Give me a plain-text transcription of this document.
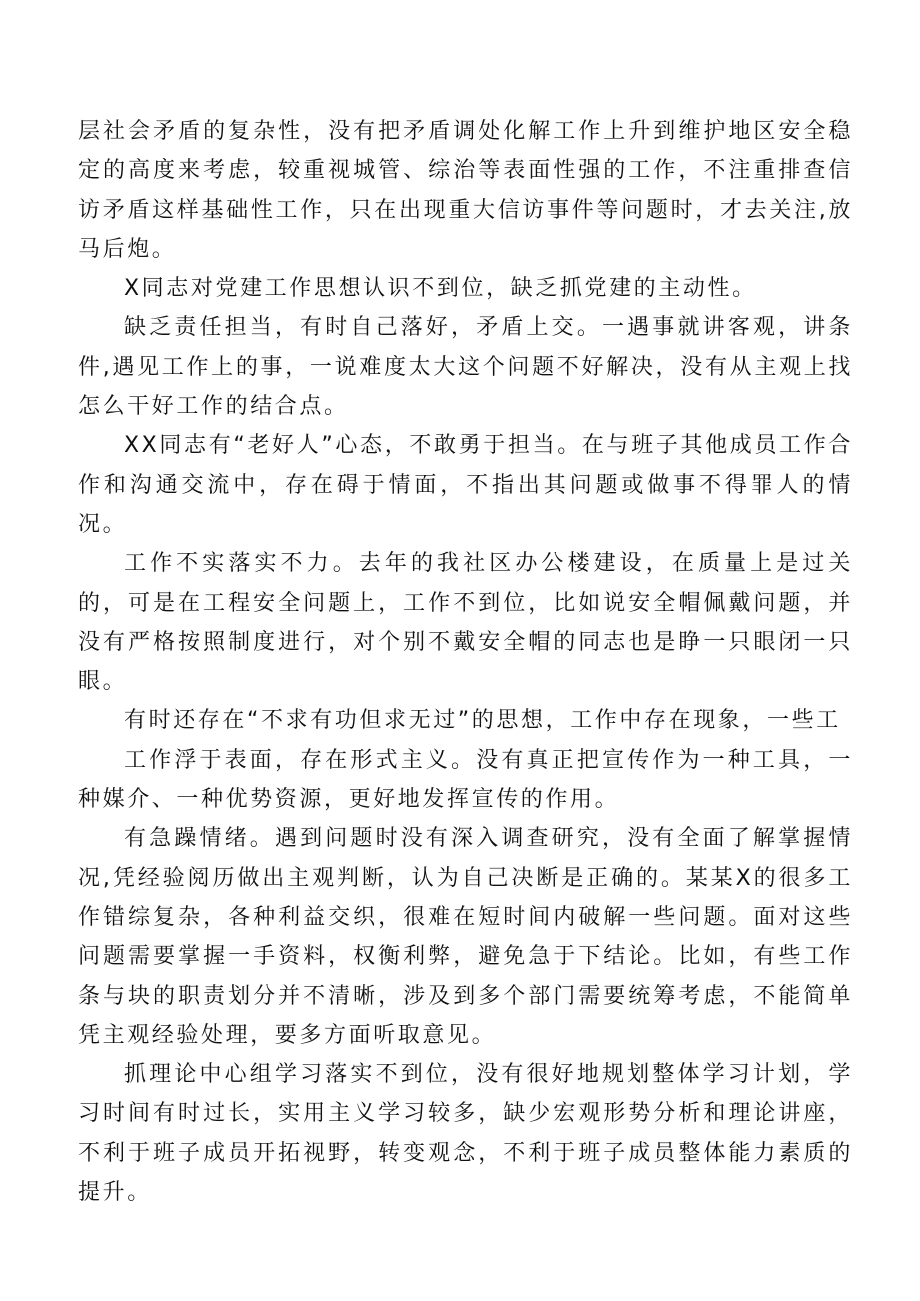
层社会矛盾的复杂性，没有把矛盾调处化解工作上升到维护地区安全稳定的高度来考虑，较重视城管、综治等表面性强的工作，不注重排查信访矛盾这样基础性工作，只在出现重大信访事件等问题时，才去关注,放马后炮。

X同志对党建工作思想认识不到位，缺乏抓党建的主动性。

缺乏责任担当，有时自己落好，矛盾上交。一遇事就讲客观，讲条件,遇见工作上的事，一说难度太大这个问题不好解决，没有从主观上找怎么干好工作的结合点。

XX同志有“老好人”心态，不敢勇于担当。在与班子其他成员工作合作和沟通交流中，存在碍于情面，不指出其问题或做事不得罪人的情况。

工作不实落实不力。去年的我社区办公楼建设，在质量上是过关的，可是在工程安全问题上，工作不到位，比如说安全帽佩戴问题，并没有严格按照制度进行，对个别不戴安全帽的同志也是睁一只眼闭一只眼。

有时还存在“不求有功但求无过”的思想，工作中存在现象，一些工

工作浮于表面，存在形式主义。没有真正把宣传作为一种工具，一种媒介、一种优势资源，更好地发挥宣传的作用。

有急躁情绪。遇到问题时没有深入调查研究，没有全面了解掌握情况,凭经验阅历做出主观判断，认为自己决断是正确的。某某X的很多工作错综复杂，各种利益交织，很难在短时间内破解一些问题。面对这些问题需要掌握一手资料，权衡利弊，避免急于下结论。比如，有些工作条与块的职责划分并不清晰，涉及到多个部门需要统筹考虑，不能简单凭主观经验处理，要多方面听取意见。

抓理论中心组学习落实不到位，没有很好地规划整体学习计划，学习时间有时过长，实用主义学习较多，缺少宏观形势分析和理论讲座，不利于班子成员开拓视野，转变观念，不利于班子成员整体能力素质的提升。
